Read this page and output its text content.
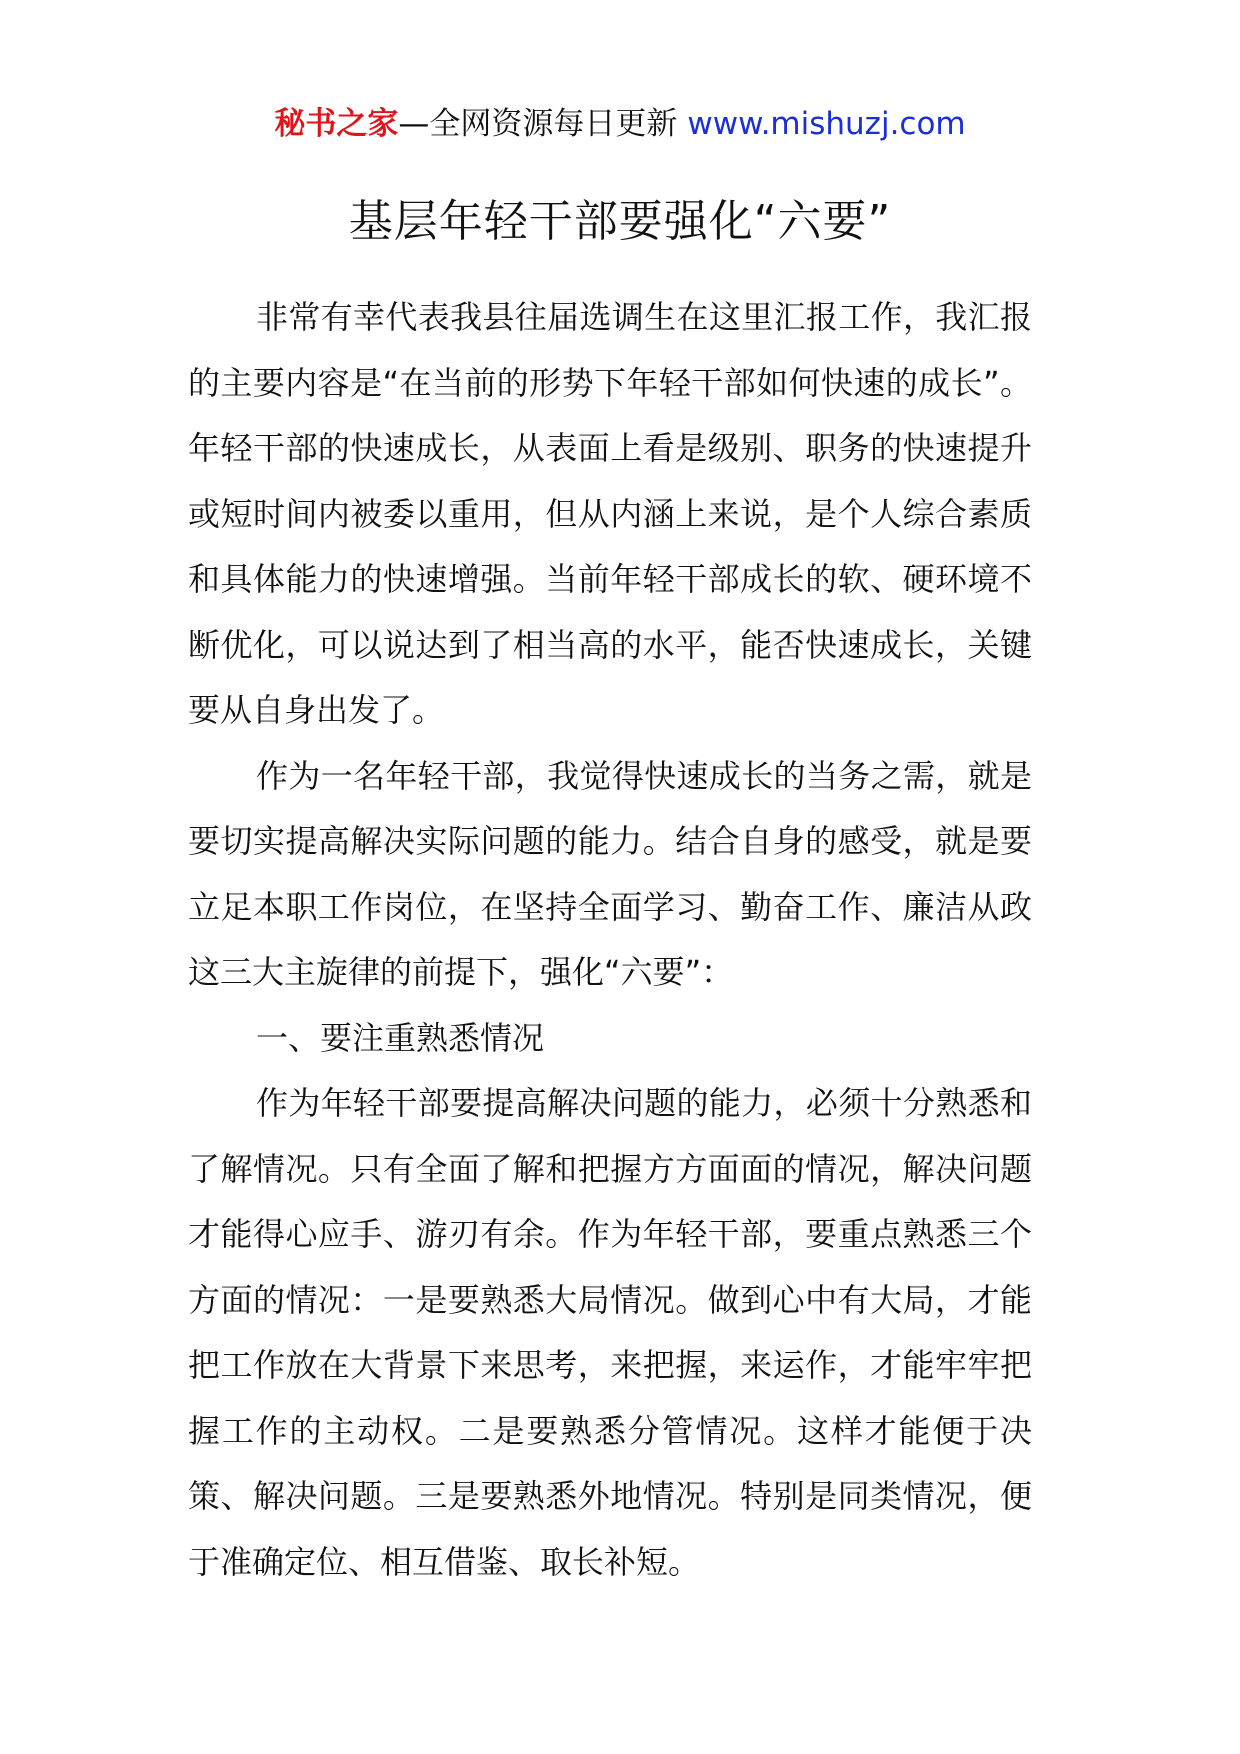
秘书之家—全网资源每日更新 www.mishuzj.com
基层年轻干部要强化“六要”

非常有幸代表我县往届选调生在这里汇报工作，我汇报的主要内容是“在当前的形势下年轻干部如何快速的成长”。年轻干部的快速成长，从表面上看是级别、职务的快速提升或短时间内被委以重用，但从内涵上来说，是个人综合素质和具体能力的快速增强。当前年轻干部成长的软、硬环境不断优化，可以说达到了相当高的水平，能否快速成长，关键要从自身出发了。

作为一名年轻干部，我觉得快速成长的当务之需，就是要切实提高解决实际问题的能力。结合自身的感受，就是要立足本职工作岗位，在坚持全面学习、勤奋工作、廉洁从政这三大主旋律的前提下，强化“六要”：

一、要注重熟悉情况

作为年轻干部要提高解决问题的能力，必须十分熟悉和了解情况。只有全面了解和把握方方面面的情况，解决问题才能得心应手、游刃有余。作为年轻干部，要重点熟悉三个方面的情况：一是要熟悉大局情况。做到心中有大局，才能把工作放在大背景下来思考，来把握，来运作，才能牢牢把握工作的主动权。二是要熟悉分管情况。这样才能便于决策、解决问题。三是要熟悉外地情况。特别是同类情况，便于准确定位、相互借鉴、取长补短。
